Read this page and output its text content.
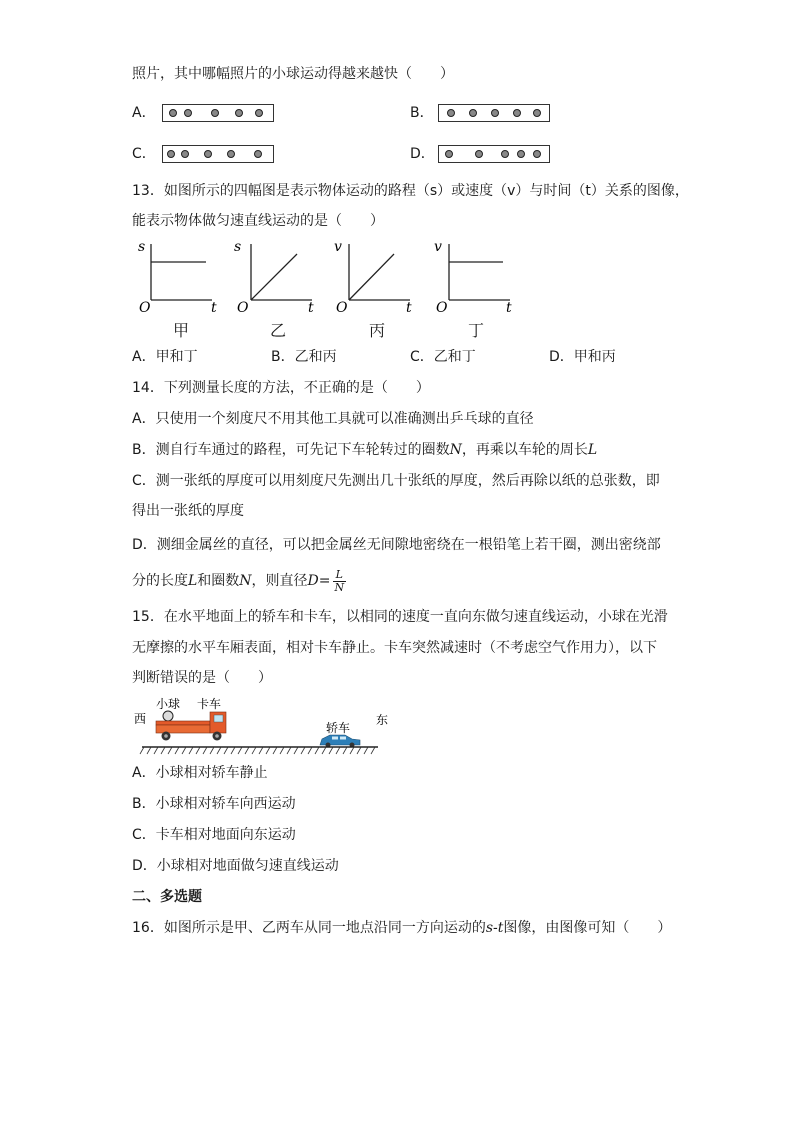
照片，其中哪幅照片的小球运动得越来越快（　　）
A．	B．
C．	D．
13．如图所示的四幅图是表示物体运动的路程（s）或速度（v）与时间（t）关系的图像，
能表示物体做匀速直线运动的是（　　）
s
O	t
甲
s
O	t
乙
v
O	t
丙
v
O	t
丁
A．甲和丁	B．乙和丙	C．乙和丁	D．甲和丙
14．下列测量长度的方法，不正确的是（　　）
A．只使用一个刻度尺不用其他工具就可以准确测出乒乓球的直径
B．测自行车通过的路程，可先记下车轮转过的圈数N，再乘以车轮的周长L
C．测一张纸的厚度可以用刻度尺先测出几十张纸的厚度，然后再除以纸的总张数，即
得出一张纸的厚度
D．测细金属丝的直径，可以把金属丝无间隙地密绕在一根铅笔上若干圈，测出密绕部
分的长度L和圈数N，则直径$D= \frac{L}{N}$
15．在水平地面上的轿车和卡车，以相同的速度一直向东做匀速直线运动，小球在光滑
无摩擦的水平车厢表面，相对卡车静止。卡车突然减速时（不考虑空气作用力），以下
判断错误的是（　　）
西
小球 卡车
轿车
东
A．小球相对轿车静止
B．小球相对轿车向西运动
C．卡车相对地面向东运动
D．小球相对地面做匀速直线运动
二、多选题
16．如图所示是甲、乙两车从同一地点沿同一方向运动的s-t图像，由图像可知（　　）
